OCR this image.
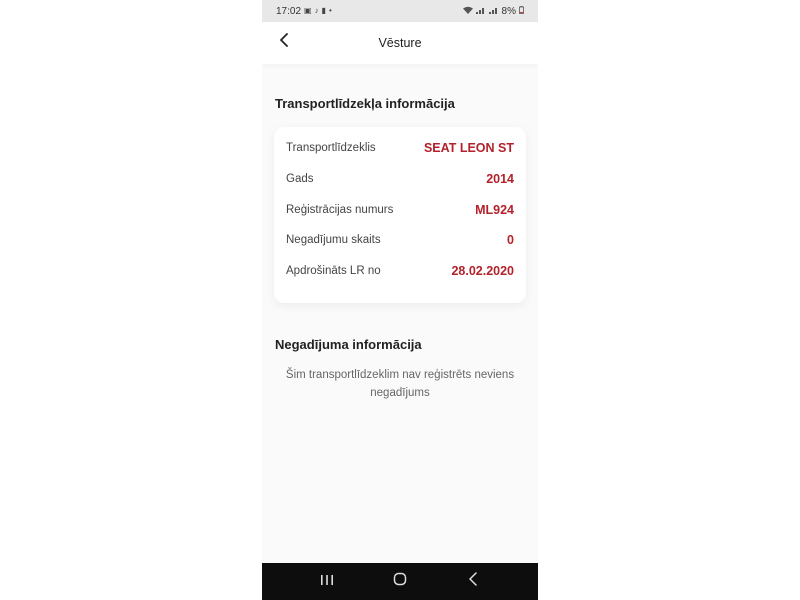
17:02 ▣ ♪ ▮ •	8%
Vēsture
Transportlīdzekļa informācija
Transportlīdzeklis	SEAT LEON ST
Gads	2014
Reģistrācijas numurs	ML924
Negadījumu skaits	0
Apdrošināts LR no	28.02.2020
Negadījuma informācija
Šim transportlīdzeklim nav reģistrēts neviens negadījums
